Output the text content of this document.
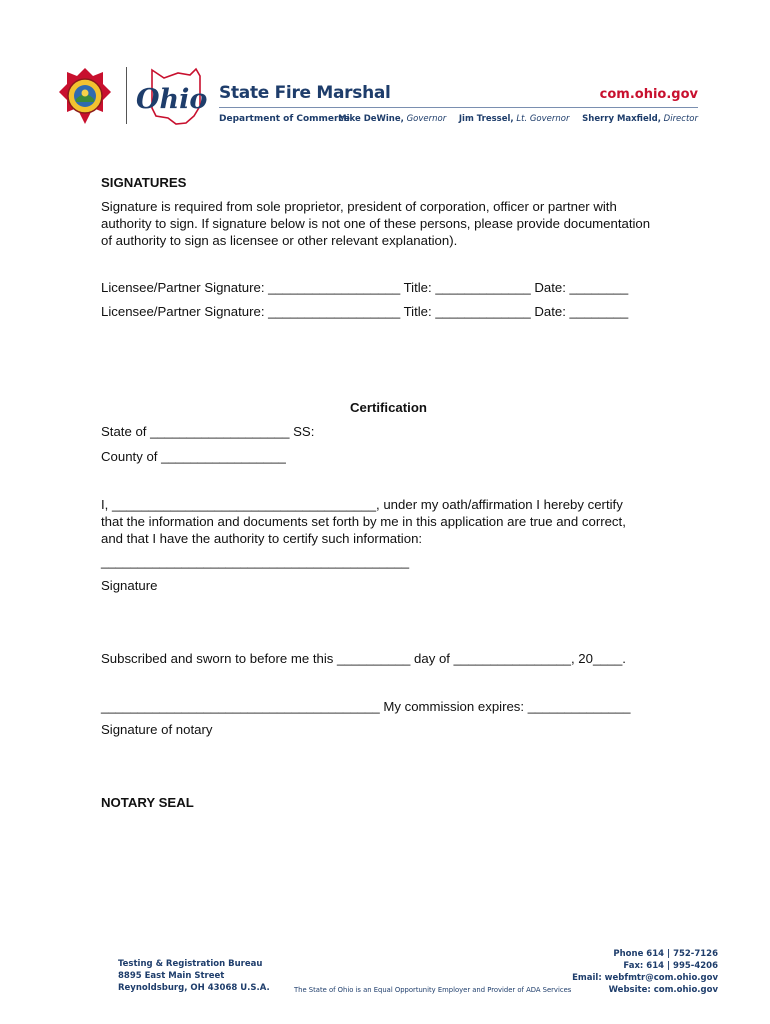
Ohio State Fire Marshal	com.ohio.gov
Department of Commerce
Mike DeWine, Governor Jim Tressel, Lt. Governor Sherry Maxfield, Director
SIGNATURES
Signature is required from sole proprietor, president of corporation, officer or partner with
authority to sign. If signature below is not one of these persons, please provide documentation
of authority to sign as licensee or other relevant explanation).
Licensee/Partner Signature: __________________ Title: _____________ Date: ________
Licensee/Partner Signature: __________________ Title: _____________ Date: ________
Certification
State of ___________________ SS:
County of _________________
I, ____________________________________, under my oath/affirmation I hereby certify
that the information and documents set forth by me in this application are true and correct,
and that I have the authority to certify such information:
__________________________________________
Signature
Subscribed and sworn to before me this __________ day of ________________, 20____.
______________________________________ My commission expires: ______________
Signature of notary
NOTARY SEAL
Testing & Registration Bureau
8895 East Main Street
Reynoldsburg, OH 43068 U.S.A.	The State of Ohio is an Equal Opportunity Employer and Provider of ADA Services
Phone 614 | 752-7126
Fax: 614 | 995-4206
Email: webfmtr@com.ohio.gov
Website: com.ohio.gov
